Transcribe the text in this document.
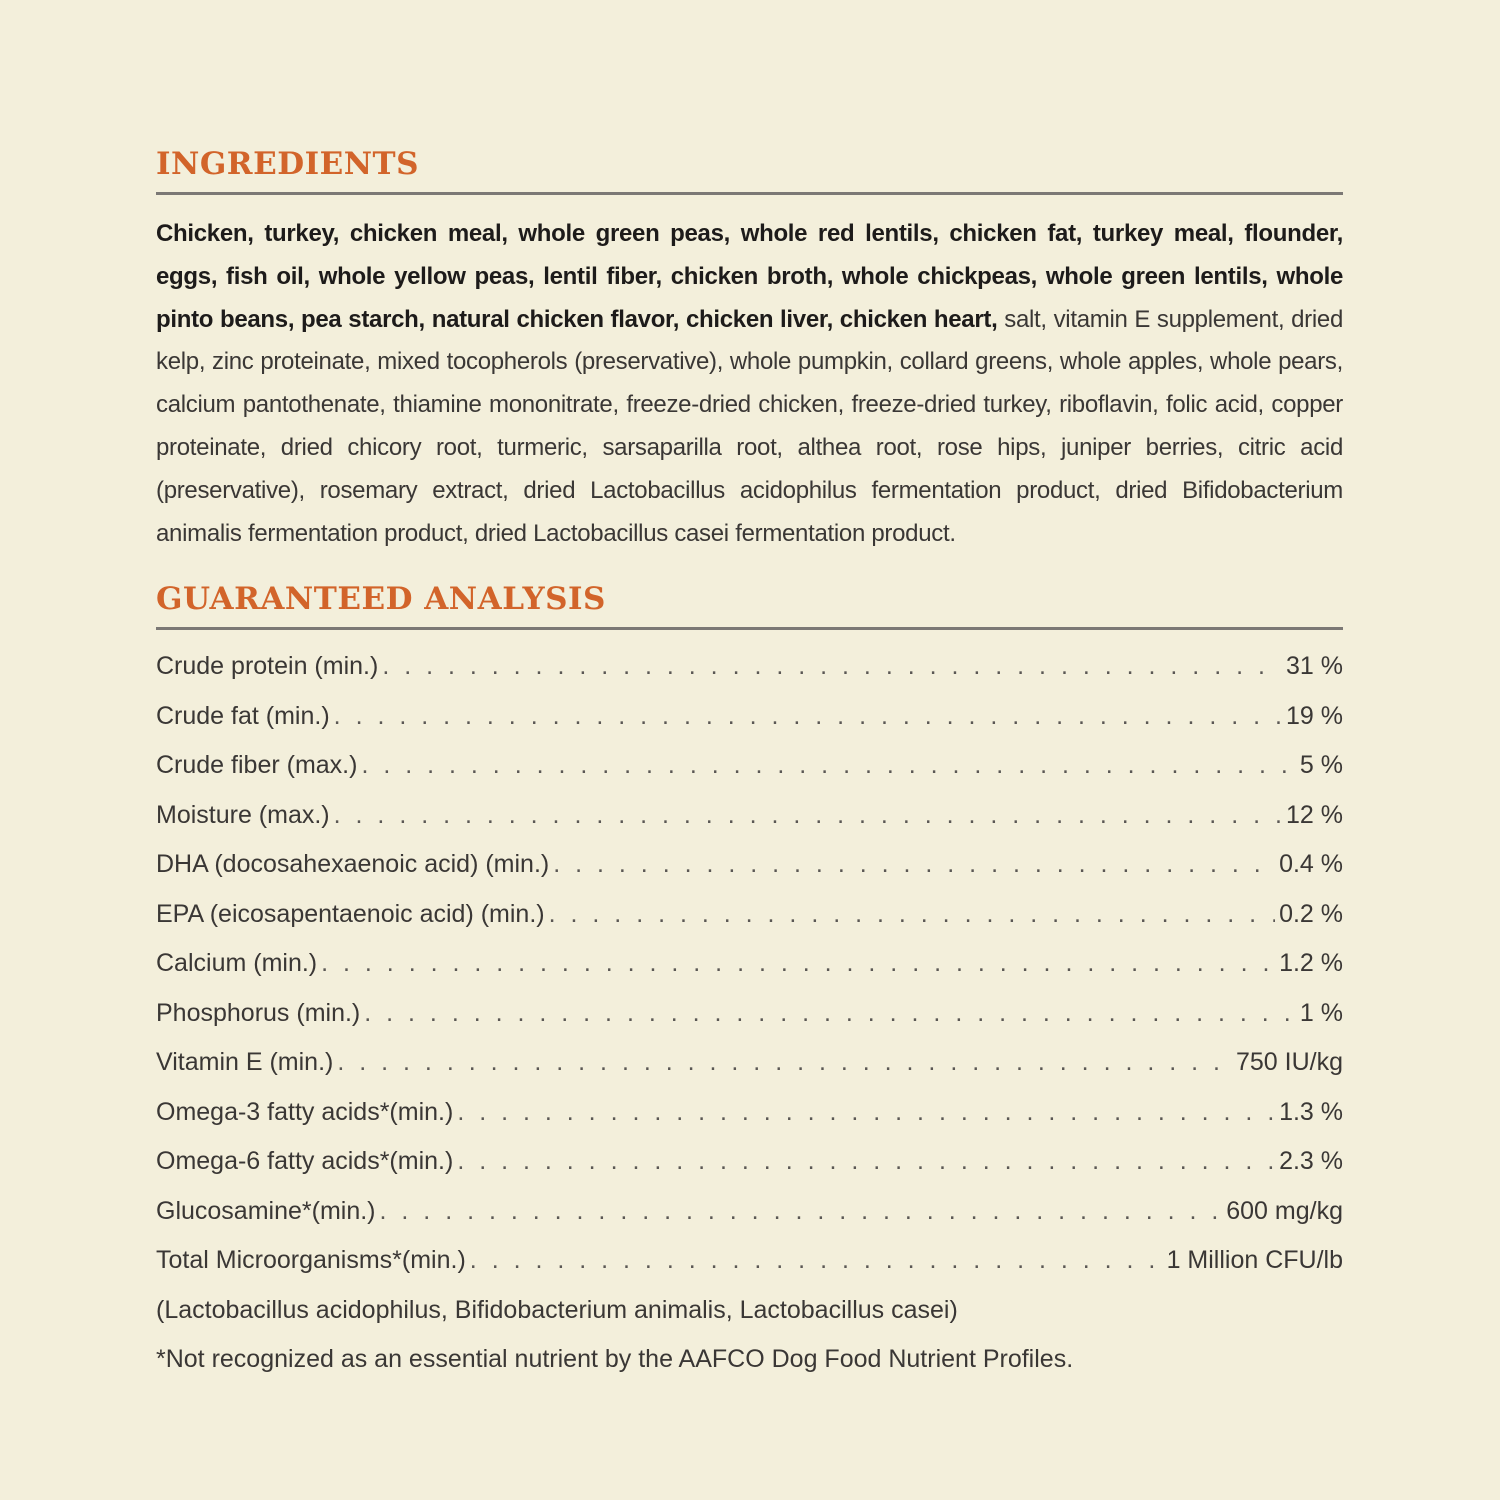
INGREDIENTS

Chicken, turkey, chicken meal, whole green peas, whole red lentils, chicken fat, turkey meal, flounder, eggs, fish oil, whole yellow peas, lentil fiber, chicken broth, whole chickpeas, whole green lentils, whole pinto beans, pea starch, natural chicken flavor, chicken liver, chicken heart, salt, vitamin E supplement, dried kelp, zinc proteinate, mixed tocopherols (preservative), whole pumpkin, collard greens, whole apples, whole pears, calcium pantothenate, thiamine mononitrate, freeze-dried chicken, freeze-dried turkey, riboflavin, folic acid, copper proteinate, dried chicory root, turmeric, sarsaparilla root, althea root, rose hips, juniper berries, citric acid (preservative), rosemary extract, dried Lactobacillus acidophilus fermentation product, dried Bifidobacterium animalis fermentation product, dried Lactobacillus casei fermentation product.

GUARANTEED ANALYSIS
Crude protein (min.) . . .	31 %
Crude fat (min.) . . .	19 %
Crude fiber (max.) . . .	5 %
Moisture (max.) . . .	12 %
DHA (docosahexaenoic acid) (min.) . . .	0.4 %
EPA (eicosapentaenoic acid) (min.) . . .	0.2 %
Calcium (min.) . . .	1.2 %
Phosphorus (min.) . . .	1 %
Vitamin E (min.) . . .	750 IU/kg
Omega-3 fatty acids*(min.) . . .	1.3 %
Omega-6 fatty acids*(min.) . . .	2.3 %
Glucosamine*(min.) . . .	600 mg/kg
Total Microorganisms*(min.) . . .	1 Million CFU/lb
(Lactobacillus acidophilus, Bifidobacterium animalis, Lactobacillus casei)
*Not recognized as an essential nutrient by the AAFCO Dog Food Nutrient Profiles.
